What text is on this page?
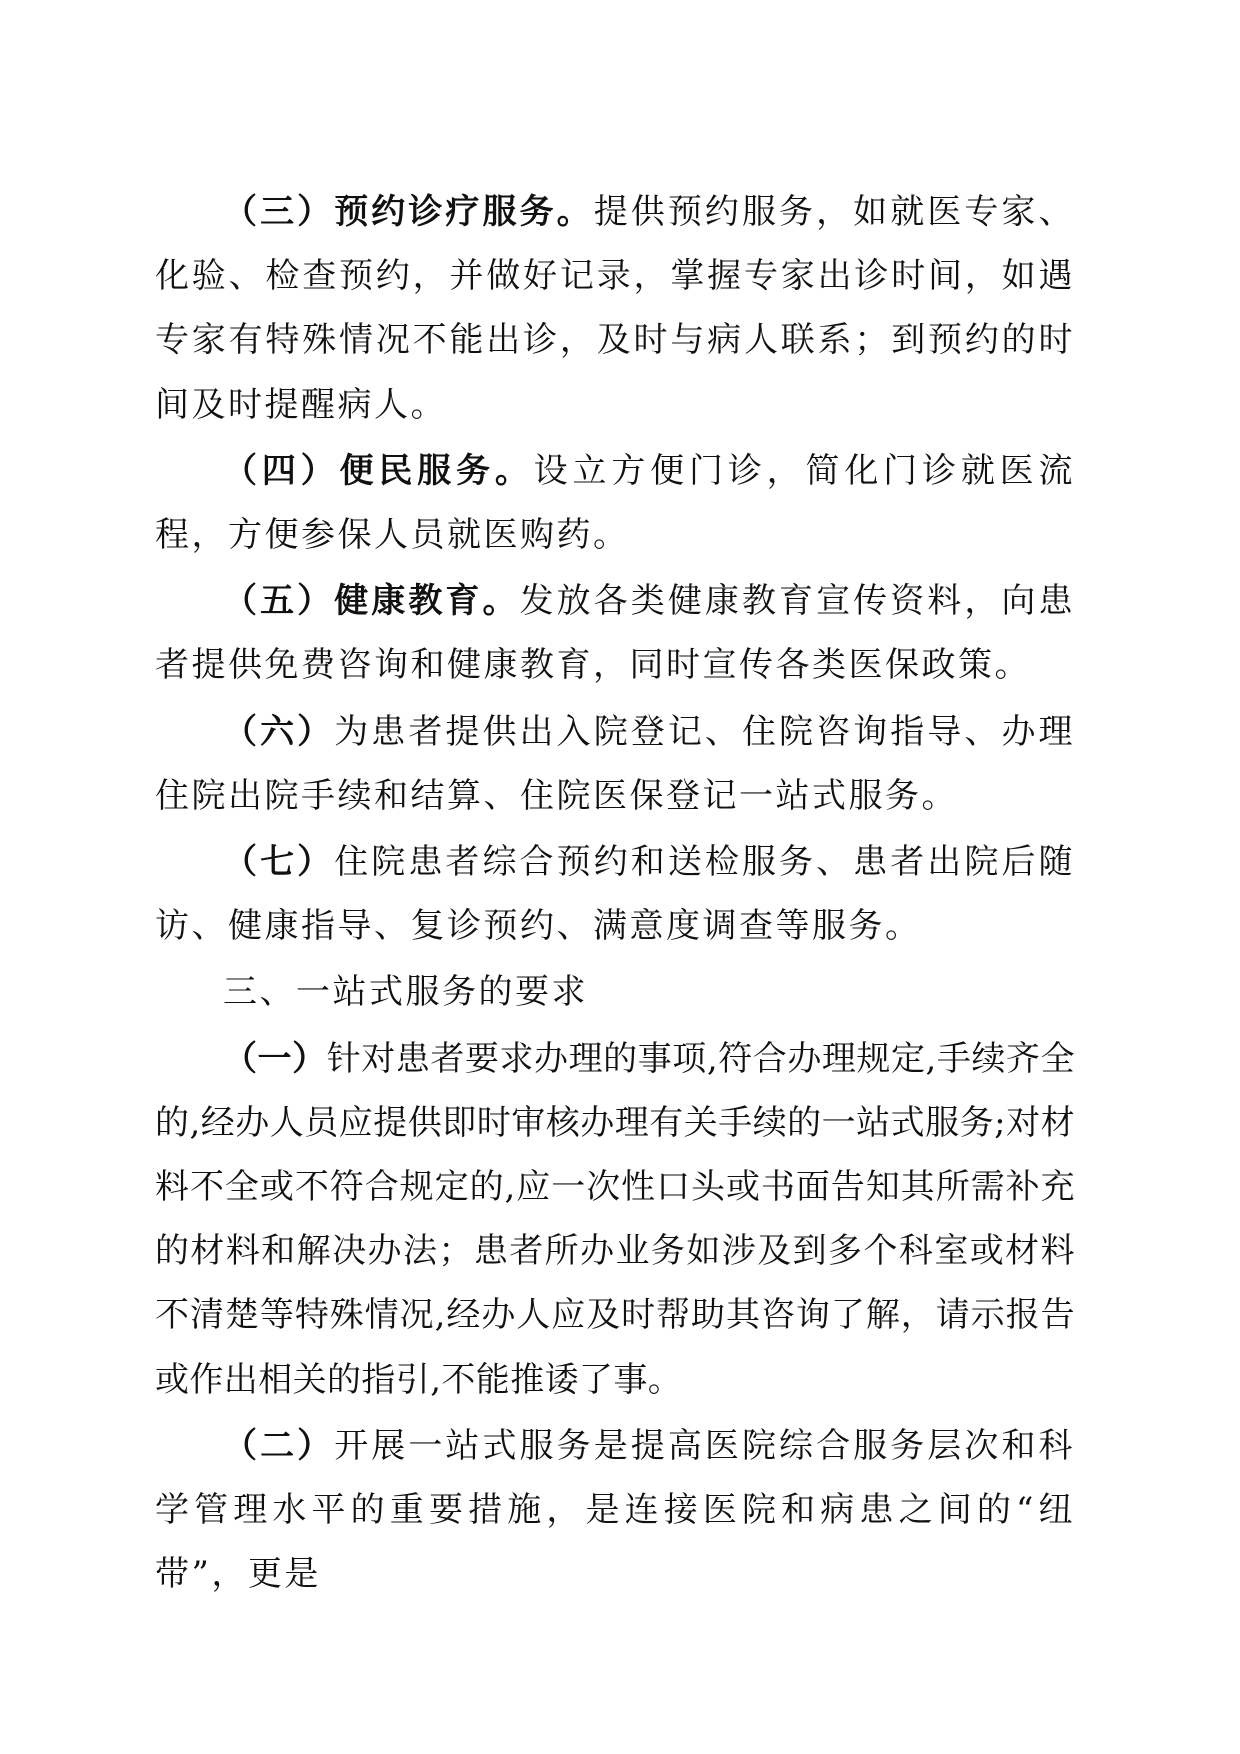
（三）预约诊疗服务。提供预约服务，如就医专家、化验、检查预约，并做好记录，掌握专家出诊时间，如遇专家有特殊情况不能出诊，及时与病人联系；到预约的时间及时提醒病人。

（四）便民服务。设立方便门诊，简化门诊就医流程，方便参保人员就医购药。

（五）健康教育。发放各类健康教育宣传资料，向患者提供免费咨询和健康教育，同时宣传各类医保政策。

（六）为患者提供出入院登记、住院咨询指导、办理住院出院手续和结算、住院医保登记一站式服务。

（七）住院患者综合预约和送检服务、患者出院后随访、健康指导、复诊预约、满意度调查等服务。

三、一站式服务的要求

（一）针对患者要求办理的事项,符合办理规定,手续齐全的,经办人员应提供即时审核办理有关手续的一站式服务;对材料不全或不符合规定的,应一次性口头或书面告知其所需补充的材料和解决办法；患者所办业务如涉及到多个科室或材料不清楚等特殊情况,经办人应及时帮助其咨询了解，请示报告或作出相关的指引,不能推诿了事。

（二）开展一站式服务是提高医院综合服务层次和科学管理水平的重要措施，是连接医院和病患之间的“纽带”，更是
